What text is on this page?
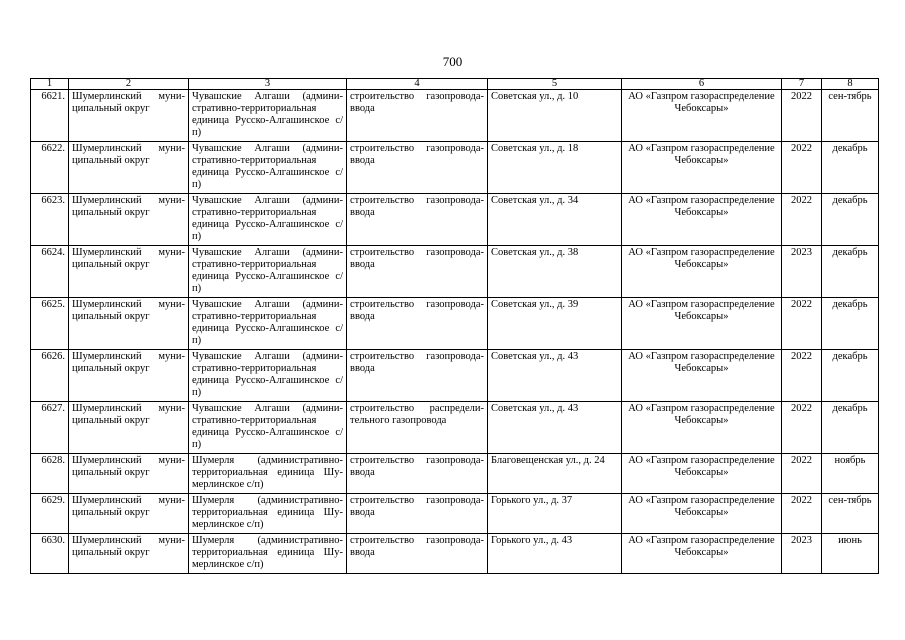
700
1	2	3	4	5	6	7	8
6621.	Шумерлинский муни-ципальный округ	Чувашские Алгаши (админи-стративно-территориальная единица Русско-Алгашинское с/п)	строительство газопровода-ввода	Советская ул., д. 10	АО «Газпром газораспределение Чебоксары»	2022	сен-тябрь
6622.	Шумерлинский муни-ципальный округ	Чувашские Алгаши (админи-стративно-территориальная единица Русско-Алгашинское с/п)	строительство газопровода-ввода	Советская ул., д. 18	АО «Газпром газораспределение Чебоксары»	2022	декабрь
6623.	Шумерлинский муни-ципальный округ	Чувашские Алгаши (админи-стративно-территориальная единица Русско-Алгашинское с/п)	строительство газопровода-ввода	Советская ул., д. 34	АО «Газпром газораспределение Чебоксары»	2022	декабрь
6624.	Шумерлинский муни-ципальный округ	Чувашские Алгаши (админи-стративно-территориальная единица Русско-Алгашинское с/п)	строительство газопровода-ввода	Советская ул., д. 38	АО «Газпром газораспределение Чебоксары»	2023	декабрь
6625.	Шумерлинский муни-ципальный округ	Чувашские Алгаши (админи-стративно-территориальная единица Русско-Алгашинское с/п)	строительство газопровода-ввода	Советская ул., д. 39	АО «Газпром газораспределение Чебоксары»	2022	декабрь
6626.	Шумерлинский муни-ципальный округ	Чувашские Алгаши (админи-стративно-территориальная единица Русско-Алгашинское с/п)	строительство газопровода-ввода	Советская ул., д. 43	АО «Газпром газораспределение Чебоксары»	2022	декабрь
6627.	Шумерлинский муни-ципальный округ	Чувашские Алгаши (админи-стративно-территориальная единица Русско-Алгашинское с/п)	строительство распредели-тельного газопровода	Советская ул., д. 43	АО «Газпром газораспределение Чебоксары»	2022	декабрь
6628.	Шумерлинский муни-ципальный округ	Шумерля (административно-территориальная единица Шу-мерлинское с/п)	строительство газопровода-ввода	Благовещенская ул., д. 24	АО «Газпром газораспределение Чебоксары»	2022	ноябрь
6629.	Шумерлинский муни-ципальный округ	Шумерля (административно-территориальная единица Шу-мерлинское с/п)	строительство газопровода-ввода	Горького ул., д. 37	АО «Газпром газораспределение Чебоксары»	2022	сен-тябрь
6630.	Шумерлинский муни-ципальный округ	Шумерля (административно-территориальная единица Шу-мерлинское с/п)	строительство газопровода-ввода	Горького ул., д. 43	АО «Газпром газораспределение Чебоксары»	2023	июнь
